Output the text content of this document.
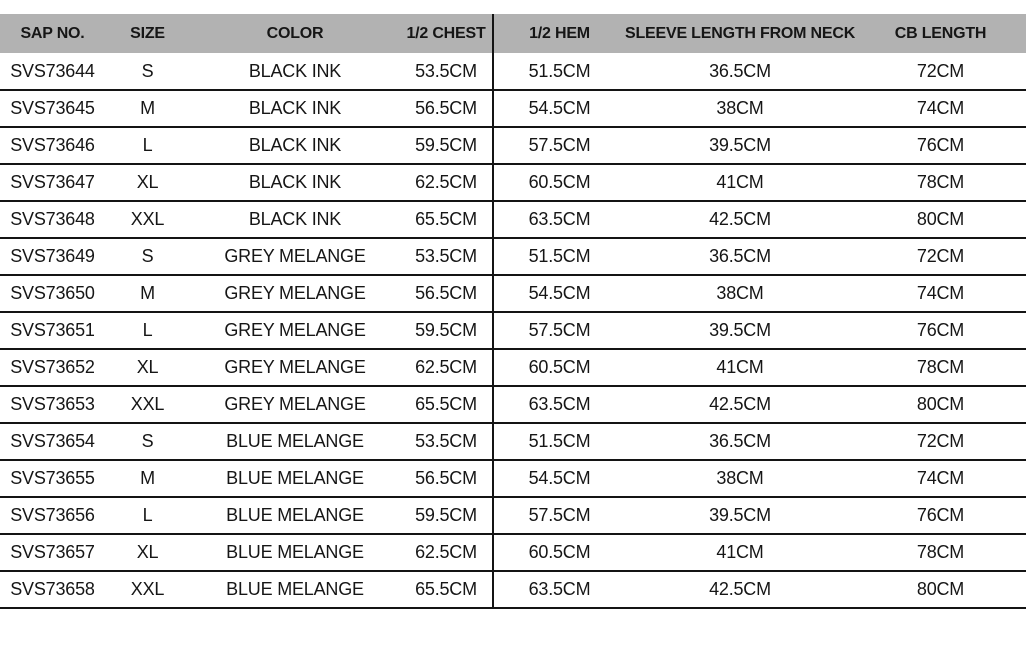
SAP NO.	SIZE	COLOR	1/2 CHEST	1/2 HEM	SLEEVE LENGTH FROM NECK	CB LENGTH
SVS73644	S	BLACK INK	53.5CM	51.5CM	36.5CM	72CM
SVS73645	M	BLACK INK	56.5CM	54.5CM	38CM	74CM
SVS73646	L	BLACK INK	59.5CM	57.5CM	39.5CM	76CM
SVS73647	XL	BLACK INK	62.5CM	60.5CM	41CM	78CM
SVS73648	XXL	BLACK INK	65.5CM	63.5CM	42.5CM	80CM
SVS73649	S	GREY MELANGE	53.5CM	51.5CM	36.5CM	72CM
SVS73650	M	GREY MELANGE	56.5CM	54.5CM	38CM	74CM
SVS73651	L	GREY MELANGE	59.5CM	57.5CM	39.5CM	76CM
SVS73652	XL	GREY MELANGE	62.5CM	60.5CM	41CM	78CM
SVS73653	XXL	GREY MELANGE	65.5CM	63.5CM	42.5CM	80CM
SVS73654	S	BLUE MELANGE	53.5CM	51.5CM	36.5CM	72CM
SVS73655	M	BLUE MELANGE	56.5CM	54.5CM	38CM	74CM
SVS73656	L	BLUE MELANGE	59.5CM	57.5CM	39.5CM	76CM
SVS73657	XL	BLUE MELANGE	62.5CM	60.5CM	41CM	78CM
SVS73658	XXL	BLUE MELANGE	65.5CM	63.5CM	42.5CM	80CM
